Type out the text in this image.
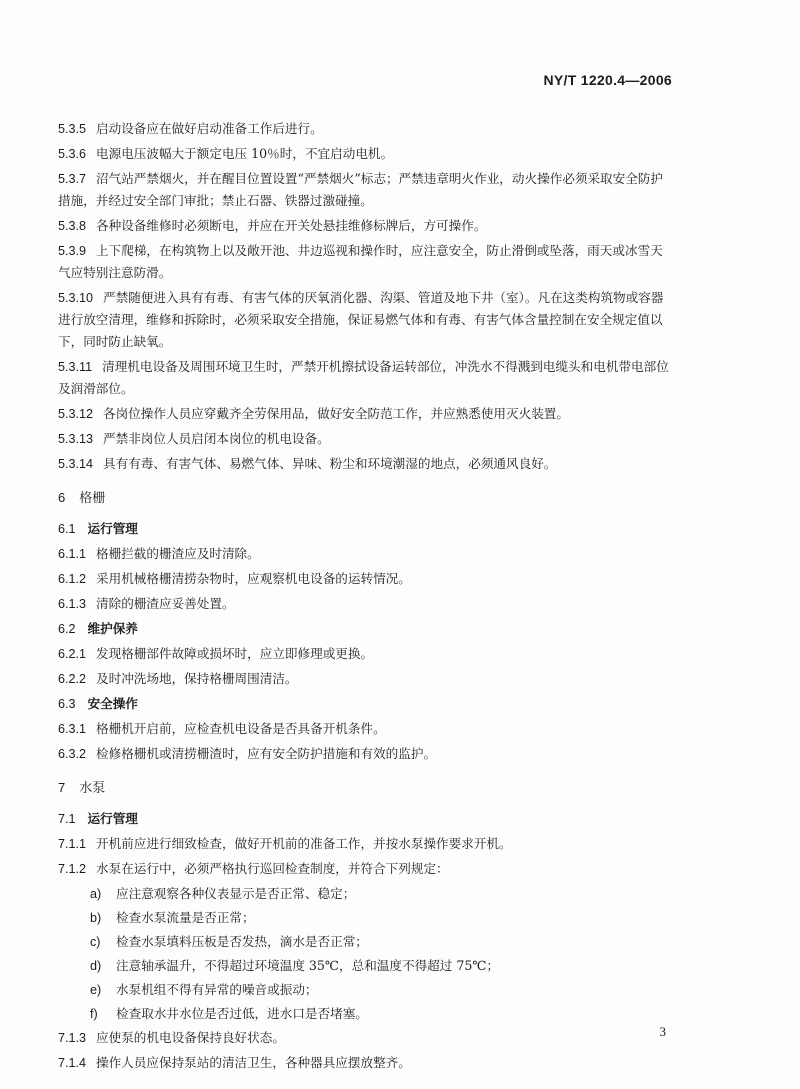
NY/T 1220.4—2006

5.3.5 启动设备应在做好启动准备工作后进行。

5.3.6 电源电压波幅大于额定电压 10％时，不宜启动电机。

5.3.7 沼气站严禁烟火，并在醒目位置设置“严禁烟火”标志；严禁违章明火作业，动火操作必须采取安全防护措施，并经过安全部门审批；禁止石器、铁器过激碰撞。

5.3.8 各种设备维修时必须断电，并应在开关处悬挂维修标牌后，方可操作。

5.3.9 上下爬梯，在构筑物上以及敞开池、井边巡视和操作时，应注意安全，防止滑倒或坠落，雨天或冰雪天气应特别注意防滑。

5.3.10 严禁随便进入具有有毒、有害气体的厌氧消化器、沟渠、管道及地下井（室）。凡在这类构筑物或容器进行放空清理，维修和拆除时，必须采取安全措施，保证易燃气体和有毒、有害气体含量控制在安全规定值以下，同时防止缺氧。

5.3.11 清理机电设备及周围环境卫生时，严禁开机擦拭设备运转部位，冲洗水不得溅到电缆头和电机带电部位及润滑部位。

5.3.12 各岗位操作人员应穿戴齐全劳保用品，做好安全防范工作，并应熟悉使用灭火装置。

5.3.13 严禁非岗位人员启闭本岗位的机电设备。

5.3.14 具有有毒、有害气体、易燃气体、异味、粉尘和环境潮湿的地点，必须通风良好。

6 格栅
6.1 运行管理

6.1.1 格栅拦截的栅渣应及时清除。

6.1.2 采用机械格栅清捞杂物时，应观察机电设备的运转情况。

6.1.3 清除的栅渣应妥善处置。

6.2 维护保养

6.2.1 发现格栅部件故障或损坏时，应立即修理或更换。

6.2.2 及时冲洗场地，保持格栅周围清洁。

6.3 安全操作

6.3.1 格栅机开启前，应检查机电设备是否具备开机条件。

6.3.2 检修格栅机或清捞栅渣时，应有安全防护措施和有效的监护。

7 水泵
7.1 运行管理

7.1.1 开机前应进行细致检查，做好开机前的准备工作，并按水泵操作要求开机。

7.1.2 水泵在运行中，必须严格执行巡回检查制度，并符合下列规定：

a) 应注意观察各种仪表显示是否正常、稳定；
b) 检查水泵流量是否正常；
c) 检查水泵填料压板是否发热，滴水是否正常；
d) 注意轴承温升，不得超过环境温度 35℃，总和温度不得超过 75℃；
e) 水泵机组不得有异常的噪音或振动；
f) 检查取水井水位是否过低，进水口是否堵塞。

7.1.3 应使泵的机电设备保持良好状态。

7.1.4 操作人员应保持泵站的清洁卫生，各种器具应摆放整齐。

3
